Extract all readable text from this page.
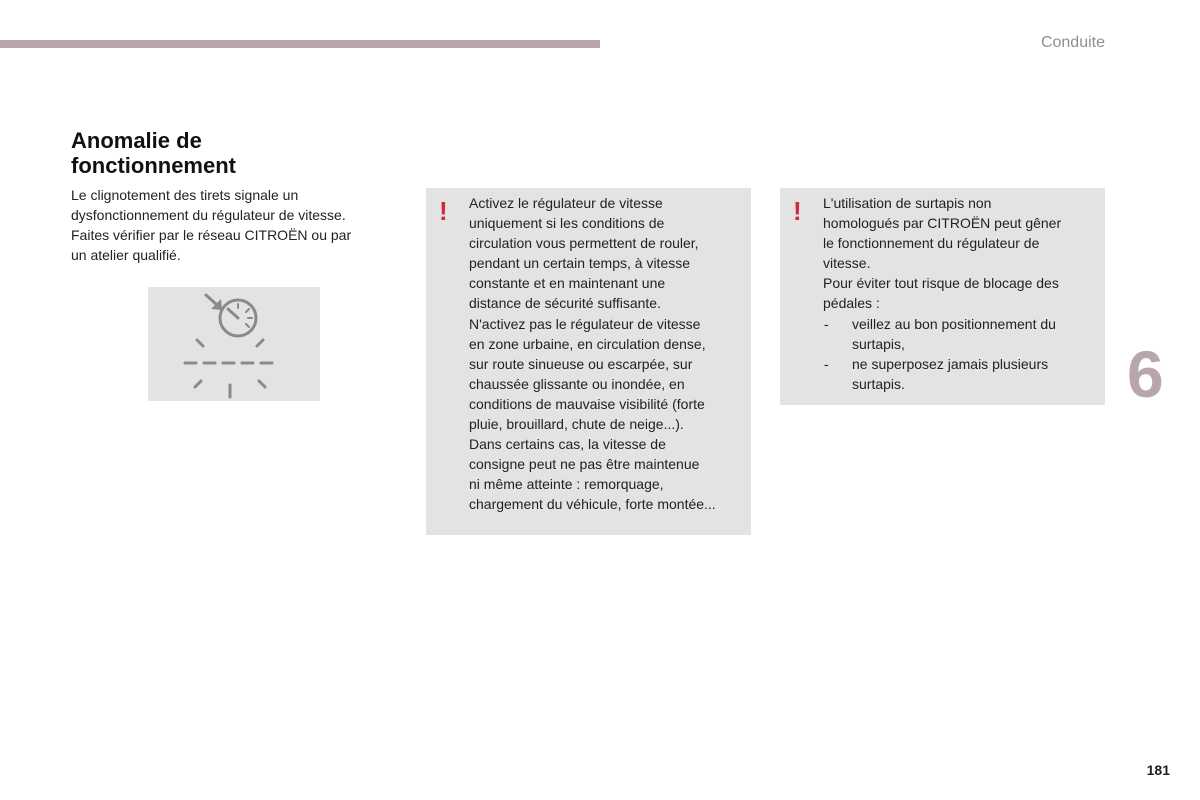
Conduite
Anomalie de
fonctionnement
Le clignotement des tirets signale un
dysfonctionnement du régulateur de vitesse.
Faites vérifier par le réseau CITROËN ou par
un atelier qualifié.
! Activez le régulateur de vitesse
uniquement si les conditions de
circulation vous permettent de rouler,
pendant un certain temps, à vitesse
constante et en maintenant une
distance de sécurité suffisante.
N'activez pas le régulateur de vitesse
en zone urbaine, en circulation dense,
sur route sinueuse ou escarpée, sur
chaussée glissante ou inondée, en
conditions de mauvaise visibilité (forte
pluie, brouillard, chute de neige...).
Dans certains cas, la vitesse de
consigne peut ne pas être maintenue
ni même atteinte : remorquage,
chargement du véhicule, forte montée...
! L'utilisation de surtapis non
homologués par CITROËN peut gêner
le fonctionnement du régulateur de
vitesse.
Pour éviter tout risque de blocage des
pédales :
- veillez au bon positionnement du
surtapis,
- ne superposez jamais plusieurs
surtapis.	6
181
